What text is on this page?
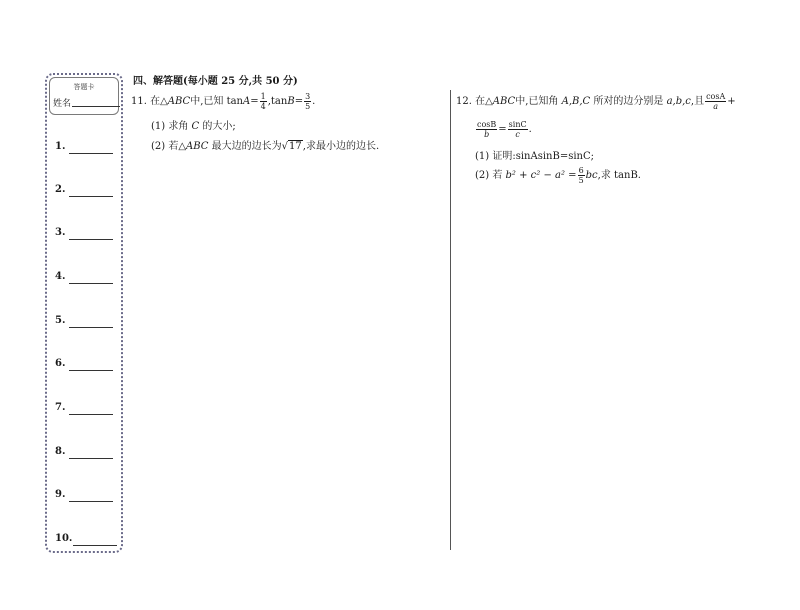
答题卡
姓名
1.
2.
3.
4.
5.
6.
7.
8.
9.
10.
四、解答题(每小题 25 分,共 50 分)
11. 在△ABC中,已知 $\tan A= \frac{1}{4} ,\tan B= \frac{3}{5}$ .
(1) 求角 C 的大小;
(2) 若△ABC 最大边的边长为√17,求最小边的边长.
12. 在△ABC中,已知角 A,B,C 所对的边分别是 a,b,c,且 $\frac{\cos A}{a}$ +
$\frac{\cos B}{b} = \frac{\sin C}{c}$ .
(1) 证明:sinAsinB=sinC;
(2) 若 $b^2 + c^2 - a^2 = \frac{6}{5}$ bc,求 tanB.
